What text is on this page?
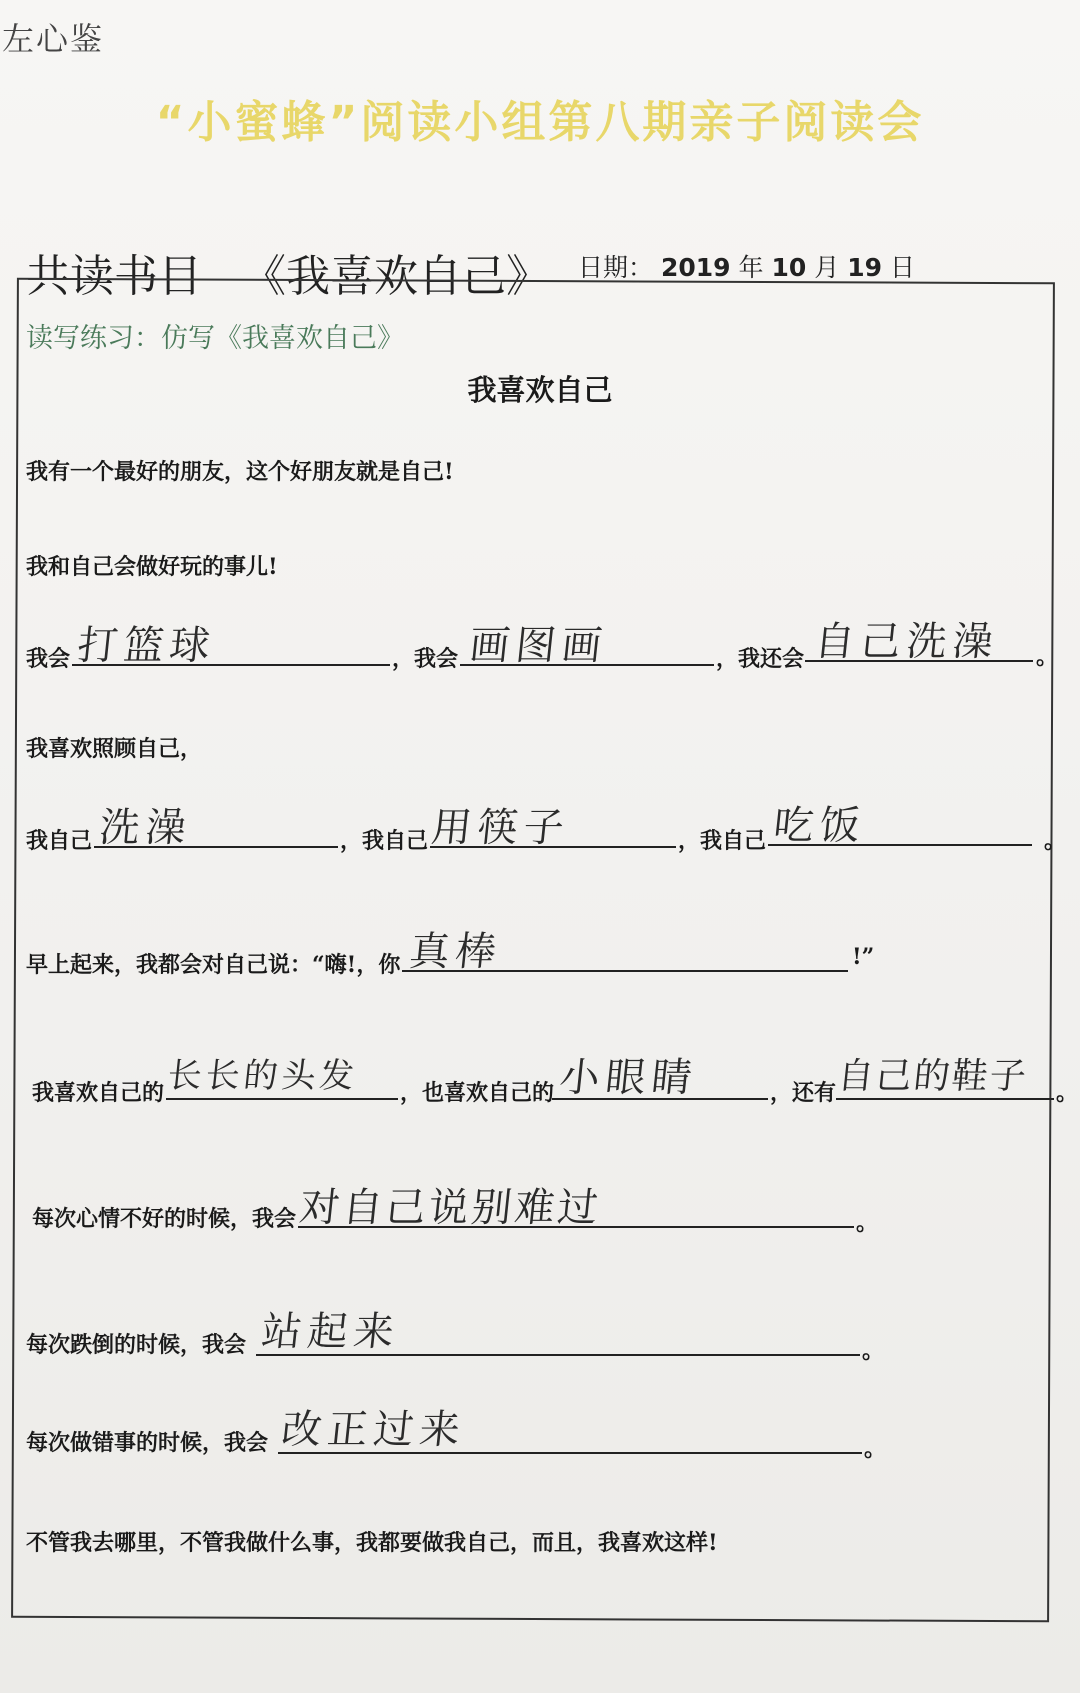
左心鉴
“小蜜蜂”阅读小组第八期亲子阅读会
共读书目 《我喜欢自己》 日期： 2019 年 10 月 19 日
读写练习：仿写《我喜欢自己》
我喜欢自己
我有一个最好的朋友，这个好朋友就是自己!
我和自己会做好玩的事儿!
我会 打篮球	，我会 画图画	，我还会 自己洗澡 。
我喜欢照顾自己，
我自己 洗澡	，我自己 用筷子	，我自己 吃饭	。
早上起来，我都会对自己说：“嗨!，你 真棒	!”
我喜欢自己的 长长的头发 ，也喜欢自己的 小眼睛	，还有 自己的鞋子 。
每次心情不好的时候，我会 对自己说别难过	。
每次跌倒的时候，我会 站起来	。
每次做错事的时候，我会 改正过来	。
不管我去哪里，不管我做什么事，我都要做我自己，而且，我喜欢这样!
